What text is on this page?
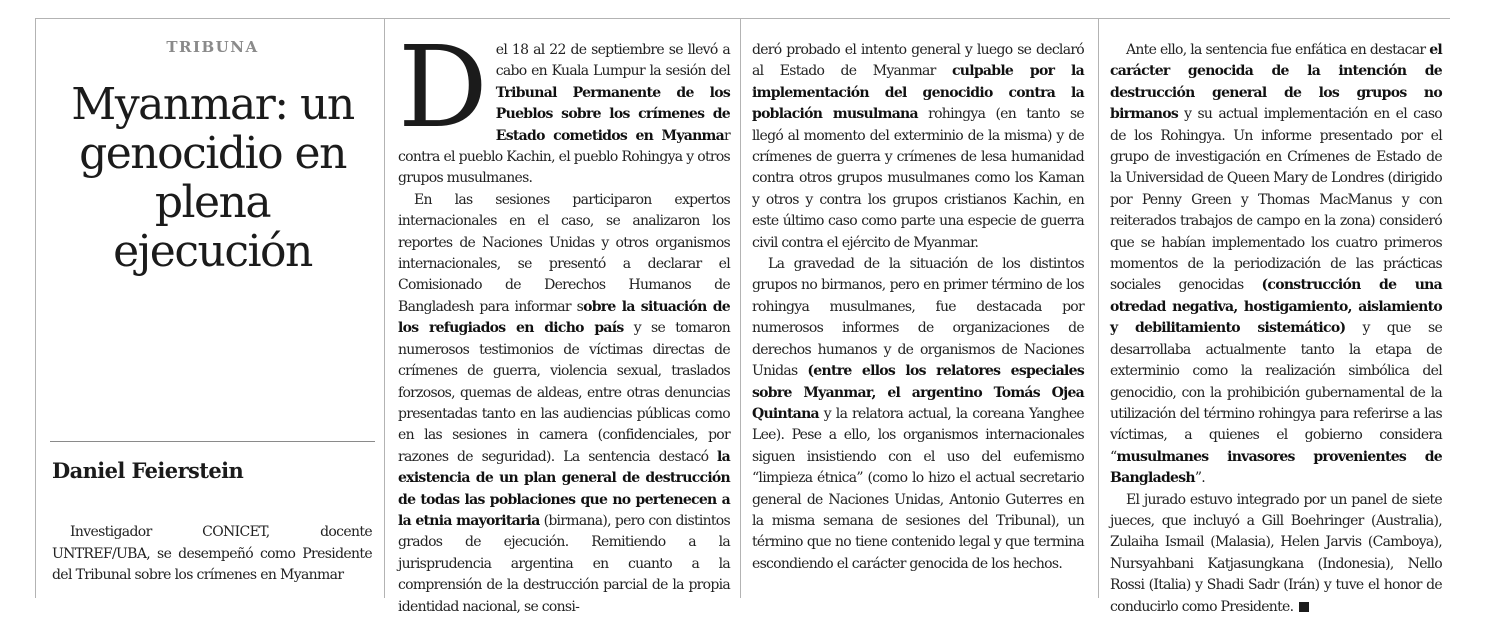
TRIBUNA
Myanmar: un genocidio en plena ejecución
Daniel Feierstein
Investigador CONICET, docente UNTREF/UBA, se desempeñó como Presidente del Tribunal sobre los crímenes en Myanmar

Del 18 al 22 de septiembre se llevó a cabo en Kuala Lumpur la sesión del Tribunal Permanente de los Pueblos sobre los crímenes de Estado cometidos en Myanmar contra el pueblo Kachin, el pueblo Rohingya y otros grupos musulmanes.

En las sesiones participaron expertos internacionales en el caso, se analizaron los reportes de Naciones Unidas y otros organismos internacionales, se presentó a declarar el Comisionado de Derechos Humanos de Bangladesh para informar sobre la situación de los refugiados en dicho país y se tomaron numerosos testimonios de víctimas directas de crímenes de guerra, violencia sexual, traslados forzosos, quemas de aldeas, entre otras denuncias presentadas tanto en las audiencias públicas como en las sesiones in camera (confidenciales, por razones de seguridad). La sentencia destacó la existencia de un plan general de destrucción de todas las poblaciones que no pertenecen a la etnia mayoritaria (birmana), pero con distintos grados de ejecución. Remitiendo a la jurisprudencia argentina en cuanto a la comprensión de la destrucción parcial de la propia identidad nacional, se consi-

deró probado el intento general y luego se declaró al Estado de Myanmar culpable por la implementación del genocidio contra la población musulmana rohingya (en tanto se llegó al momento del exterminio de la misma) y de crímenes de guerra y crímenes de lesa humanidad contra otros grupos musulmanes como los Kaman y otros y contra los grupos cristianos Kachin, en este último caso como parte una especie de guerra civil contra el ejército de Myanmar.

La gravedad de la situación de los distintos grupos no birmanos, pero en primer término de los rohingya musulmanes, fue destacada por numerosos informes de organizaciones de derechos humanos y de organismos de Naciones Unidas (entre ellos los relatores especiales sobre Myanmar, el argentino Tomás Ojea Quintana y la relatora actual, la coreana Yanghee Lee). Pese a ello, los organismos internacionales siguen insistiendo con el uso del eufemismo “limpieza étnica” (como lo hizo el actual secretario general de Naciones Unidas, Antonio Guterres en la misma semana de sesiones del Tribunal), un término que no tiene contenido legal y que termina escondiendo el carácter genocida de los hechos.

Ante ello, la sentencia fue enfática en destacar el carácter genocida de la intención de destrucción general de los grupos no birmanos y su actual implementación en el caso de los Rohingya. Un informe presentado por el grupo de investigación en Crímenes de Estado de la Universidad de Queen Mary de Londres (dirigido por Penny Green y Thomas MacManus y con reiterados trabajos de campo en la zona) consideró que se habían implementado los cuatro primeros momentos de la periodización de las prácticas sociales genocidas (construcción de una otredad negativa, hostigamiento, aislamiento y debilitamiento sistemático) y que se desarrollaba actualmente tanto la etapa de exterminio como la realización simbólica del genocidio, con la prohibición gubernamental de la utilización del término rohingya para referirse a las víctimas, a quienes el gobierno considera “musulmanes invasores provenientes de Bangladesh”.

El jurado estuvo integrado por un panel de siete jueces, que incluyó a Gill Boehringer (Australia), Zulaiha Ismail (Malasia), Helen Jarvis (Camboya), Nursyahbani Katjasungkana (Indonesia), Nello Rossi (Italia) y Shadi Sadr (Irán) y tuve el honor de conducirlo como Presidente.
